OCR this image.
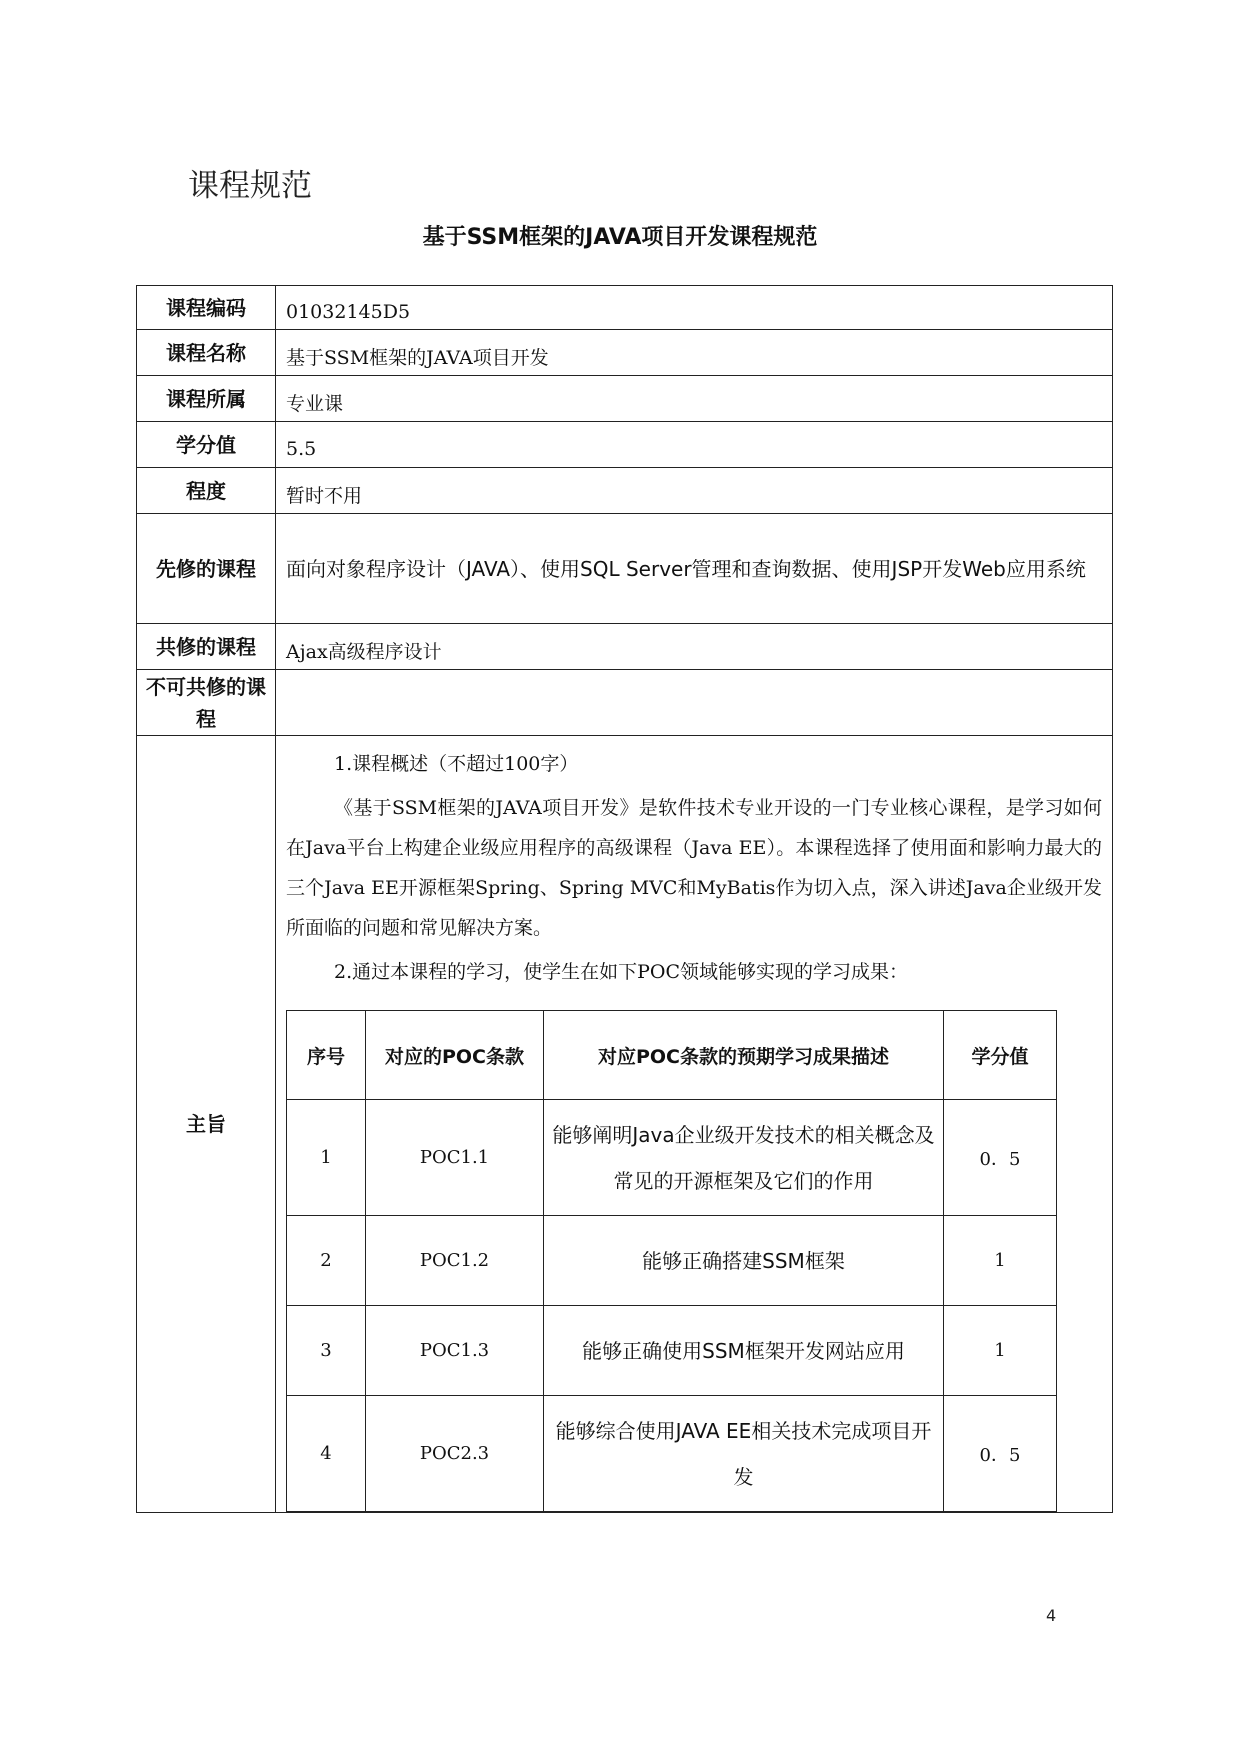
课程规范
基于SSM框架的JAVA项目开发课程规范
课程编码	01032145D5

课程名称	基于SSM框架的JAVA项目开发

课程所属	专业课

学分值	5.5

程度	暂时不用

先修的课程	面向对象程序设计（JAVA）、使用SQL Server管理和查询数据、使用JSP开发Web应用系统
共修的课程	Ajax高级程序设计

不可共修的课程	
主旨	
1.课程概述（不超过100字）
《基于SSM框架的JAVA项目开发》是软件技术专业开设的一门专业核心课程，是学习如何在Java平台上构建企业级应用程序的高级课程（Java EE）。本课程选择了使用面和影响力最大的三个Java EE开源框架Spring、Spring MVC和MyBatis作为切入点，深入讲述Java企业级开发所面临的问题和常见解决方案。
2.通过本课程的学习，使学生在如下POC领域能够实现的学习成果：
序号	对应的POC条款	对应POC条款的预期学习成果描述	学分值
1	POC1.1	能够阐明Java企业级开发技术的相关概念及常见的开源框架及它们的作用	0．5
2	POC1.2	能够正确搭建SSM框架	1
3	POC1.3	能够正确使用SSM框架开发网站应用	1
4	POC2.3	能够综合使用JAVA EE相关技术完成项目开发	0．5
4
